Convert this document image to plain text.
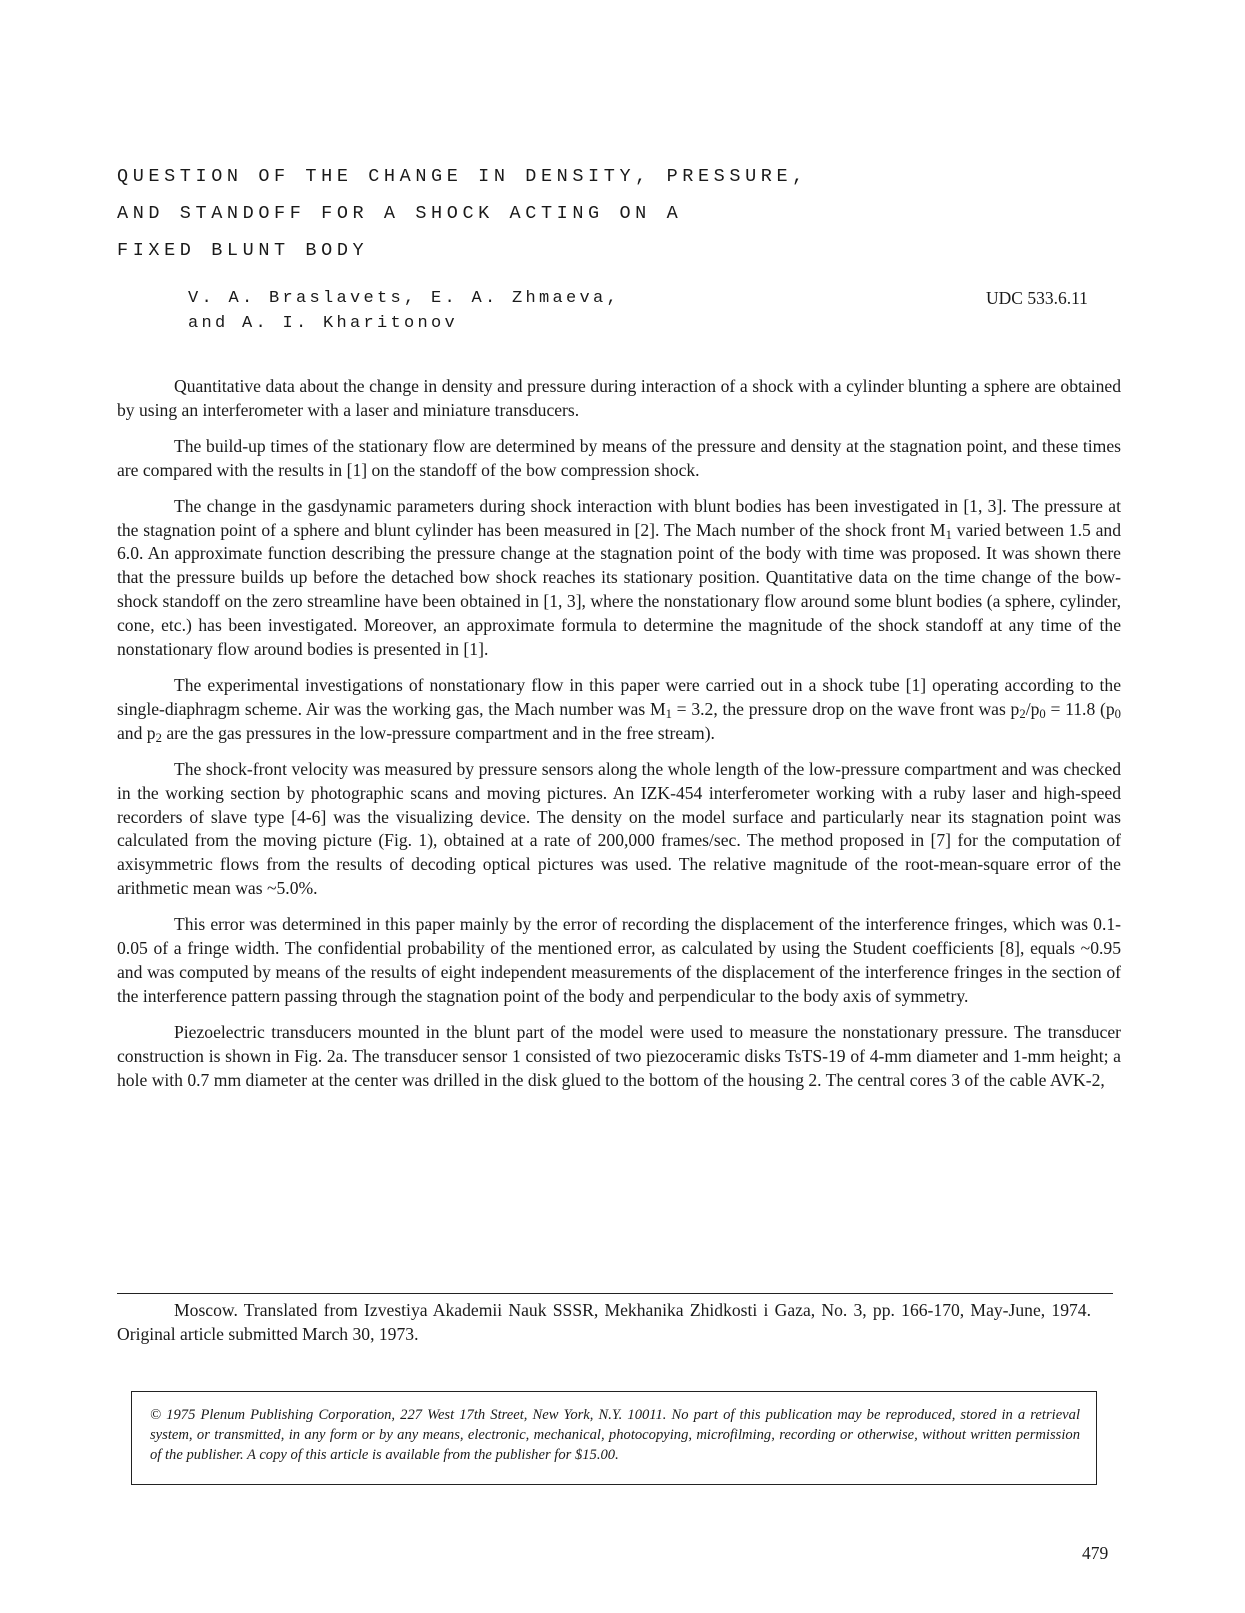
QUESTION OF THE CHANGE IN DENSITY, PRESSURE,
AND STANDOFF FOR A SHOCK ACTING ON A
FIXED BLUNT BODY
V. A. Braslavets, E. A. Zhmaeva,
and A. I. Kharitonov
UDC 533.6.11

Quantitative data about the change in density and pressure during interaction of a shock with a cylinder blunting a sphere are obtained by using an interferometer with a laser and miniature transducers.

The build-up times of the stationary flow are determined by means of the pressure and density at the stagnation point, and these times are compared with the results in [1] on the standoff of the bow compression shock.

The change in the gasdynamic parameters during shock interaction with blunt bodies has been investigated in [1, 3]. The pressure at the stagnation point of a sphere and blunt cylinder has been measured in [2]. The Mach number of the shock front $M_1$ varied between 1.5 and 6.0. An approximate function describing the pressure change at the stagnation point of the body with time was proposed. It was shown there that the pressure builds up before the detached bow shock reaches its stationary position. Quantitative data on the time change of the bow-shock standoff on the zero streamline have been obtained in [1, 3], where the nonstationary flow around some blunt bodies (a sphere, cylinder, cone, etc.) has been investigated. Moreover, an approximate formula to determine the magnitude of the shock standoff at any time of the nonstationary flow around bodies is presented in [1].

The experimental investigations of nonstationary flow in this paper were carried out in a shock tube [1] operating according to the single-diaphragm scheme. Air was the working gas, the Mach number was $M_1 = 3.2$, the pressure drop on the wave front was $p_2/p_0 = 11.8$ ($p_0$ and $p_2$ are the gas pressures in the low-pressure compartment and in the free stream).

The shock-front velocity was measured by pressure sensors along the whole length of the low-pressure compartment and was checked in the working section by photographic scans and moving pictures. An IZK-454 interferometer working with a ruby laser and high-speed recorders of slave type [4-6] was the visualizing device. The density on the model surface and particularly near its stagnation point was calculated from the moving picture (Fig. 1), obtained at a rate of 200,000 frames/sec. The method proposed in [7] for the computation of axisymmetric flows from the results of decoding optical pictures was used. The relative magnitude of the root-mean-square error of the arithmetic mean was ~5.0%.

This error was determined in this paper mainly by the error of recording the displacement of the interference fringes, which was 0.1-0.05 of a fringe width. The confidential probability of the mentioned error, as calculated by using the Student coefficients [8], equals ~0.95 and was computed by means of the results of eight independent measurements of the displacement of the interference fringes in the section of the interference pattern passing through the stagnation point of the body and perpendicular to the body axis of symmetry.

Piezoelectric transducers mounted in the blunt part of the model were used to measure the nonstationary pressure. The transducer construction is shown in Fig. 2a. The transducer sensor 1 consisted of two piezoceramic disks TsTS-19 of 4-mm diameter and 1-mm height; a hole with 0.7 mm diameter at the center was drilled in the disk glued to the bottom of the housing 2. The central cores 3 of the cable AVK-2,

Moscow. Translated from Izvestiya Akademii Nauk SSSR, Mekhanika Zhidkosti i Gaza, No. 3, pp. 166-170, May-June, 1974. Original article submitted March 30, 1973.

© 1975 Plenum Publishing Corporation, 227 West 17th Street, New York, N.Y. 10011. No part of this publication may be reproduced, stored in a retrieval system, or transmitted, in any form or by any means, electronic, mechanical, photocopying, microfilming, recording or otherwise, without written permission of the publisher. A copy of this article is available from the publisher for $15.00.
479
